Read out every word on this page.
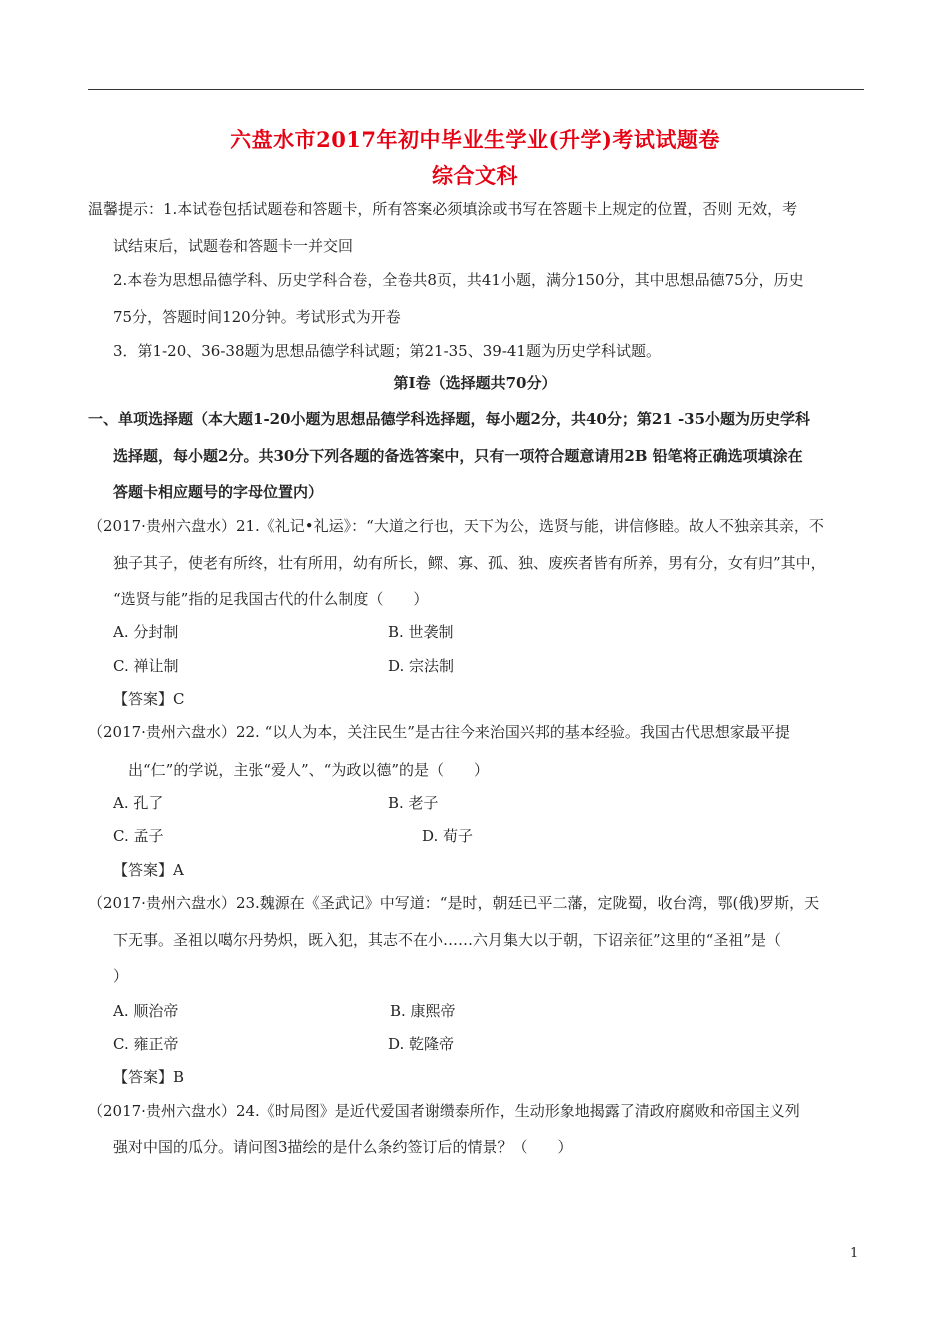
六盘水市2017年初中毕业生学业(升学)考试试题卷
综合文科
温馨提示：1.本试卷包括试题卷和答题卡，所有答案必须填涂或书写在答题卡上规定的位置，否则 无效，考
试结束后，试题卷和答题卡一并交回
2.本卷为思想品德学科、历史学科合卷，全卷共8页，共41小题，满分150分，其中思想品德75分，历史
75分，答题时间120分钟。考试形式为开卷
3．第1-20、36-38题为思想品德学科试题；第21-35、39-41题为历史学科试题。
第Ⅰ卷（选择题共70分）
一、单项选择题（本大题1-20小题为思想品德学科选择题，每小题2分，共40分；第21 -35小题为历史学科
选择题，每小题2分。共30分下列各题的备选答案中，只有一项符合题意请用2B 铅笔将正确选项填涂在
答题卡相应题号的字母位置内）
（2017·贵州六盘水）21.《礼记•礼运》：“大道之行也，天下为公，选贤与能，讲信修睦。故人不独亲其亲，不
独子其子，使老有所终，壮有所用，幼有所长，鳏、寡、孤、独、废疾者皆有所养，男有分，女有归”其中，
“选贤与能”指的足我国古代的什么制度（　　）
A. 分封制	B. 世袭制
C. 禅让制	D. 宗法制
【答案】C
（2017·贵州六盘水）22. “以人为本，关注民生”是古往今来治国兴邦的基本经验。我国古代思想家最平提
出“仁”的学说，主张“爱人”、“为政以德”的是（　　）
A. 孔了	B. 老子
C. 孟子	D. 荀子
【答案】A
（2017·贵州六盘水）23.魏源在《圣武记》中写道：“是时，朝廷已平二藩，定陇蜀，收台湾，鄂(俄)罗斯，天
下无事。圣祖以噶尔丹势炽，既入犯，其志不在小……六月集大以于朝，下诏亲征”这里的“圣祖”是（
）
A. 顺治帝	B. 康熙帝
C. 雍正帝	D. 乾隆帝
【答案】B
（2017·贵州六盘水）24.《时局图》是近代爱国者谢缵泰所作，生动形象地揭露了清政府腐败和帝国主义列
强对中国的瓜分。请问图3描绘的是什么条约签订后的情景？（　　）
1
